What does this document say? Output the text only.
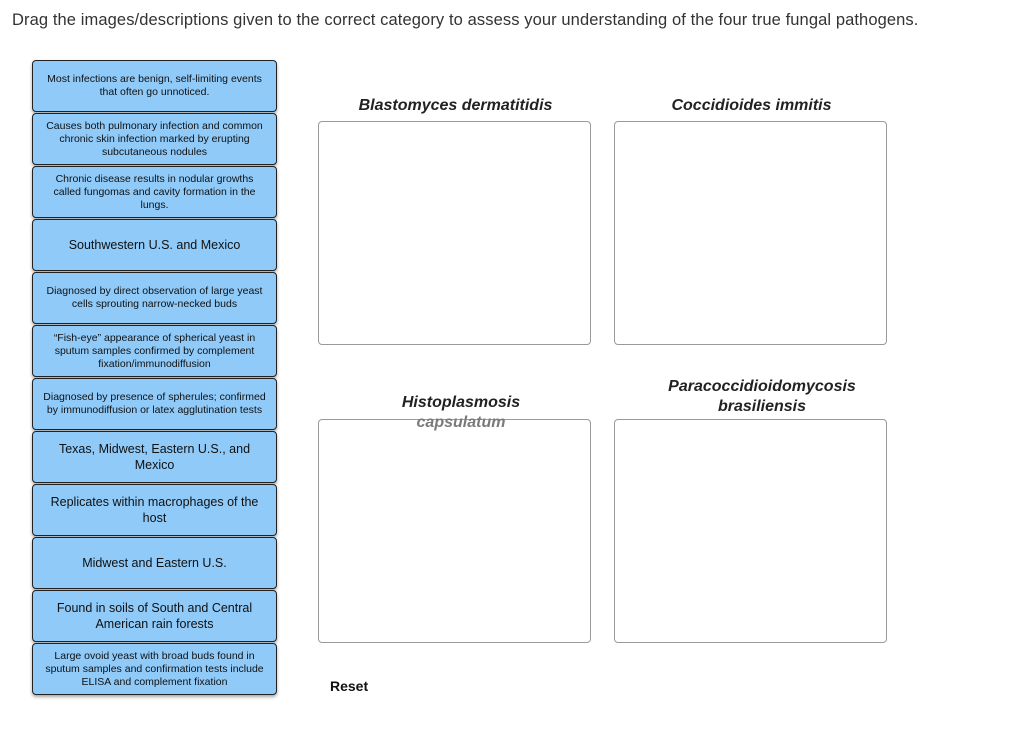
Drag the images/descriptions given to the correct category to assess your understanding of the four true fungal pathogens.
Most infections are benign, self-limiting events that often go unnoticed.
Causes both pulmonary infection and common chronic skin infection marked by erupting subcutaneous nodules
Chronic disease results in nodular growths called fungomas and cavity formation in the lungs.
Southwestern U.S. and Mexico
Diagnosed by direct observation of large yeast cells sprouting narrow-necked buds
“Fish-eye” appearance of spherical yeast in sputum samples confirmed by complement fixation/immunodiffusion
Diagnosed by presence of spherules; confirmed by immunodiffusion or latex agglutination tests
Texas, Midwest, Eastern U.S., and Mexico
Replicates within macrophages of the host
Midwest and Eastern U.S.
Found in soils of South and Central American rain forests
Large ovoid yeast with broad buds found in sputum samples and confirmation tests include ELISA and complement fixation
Blastomyces dermatitidis	Coccidioides immitis
Histoplasmosis
capsulatum
Paracoccidioidomycosis
brasiliensis
Reset
